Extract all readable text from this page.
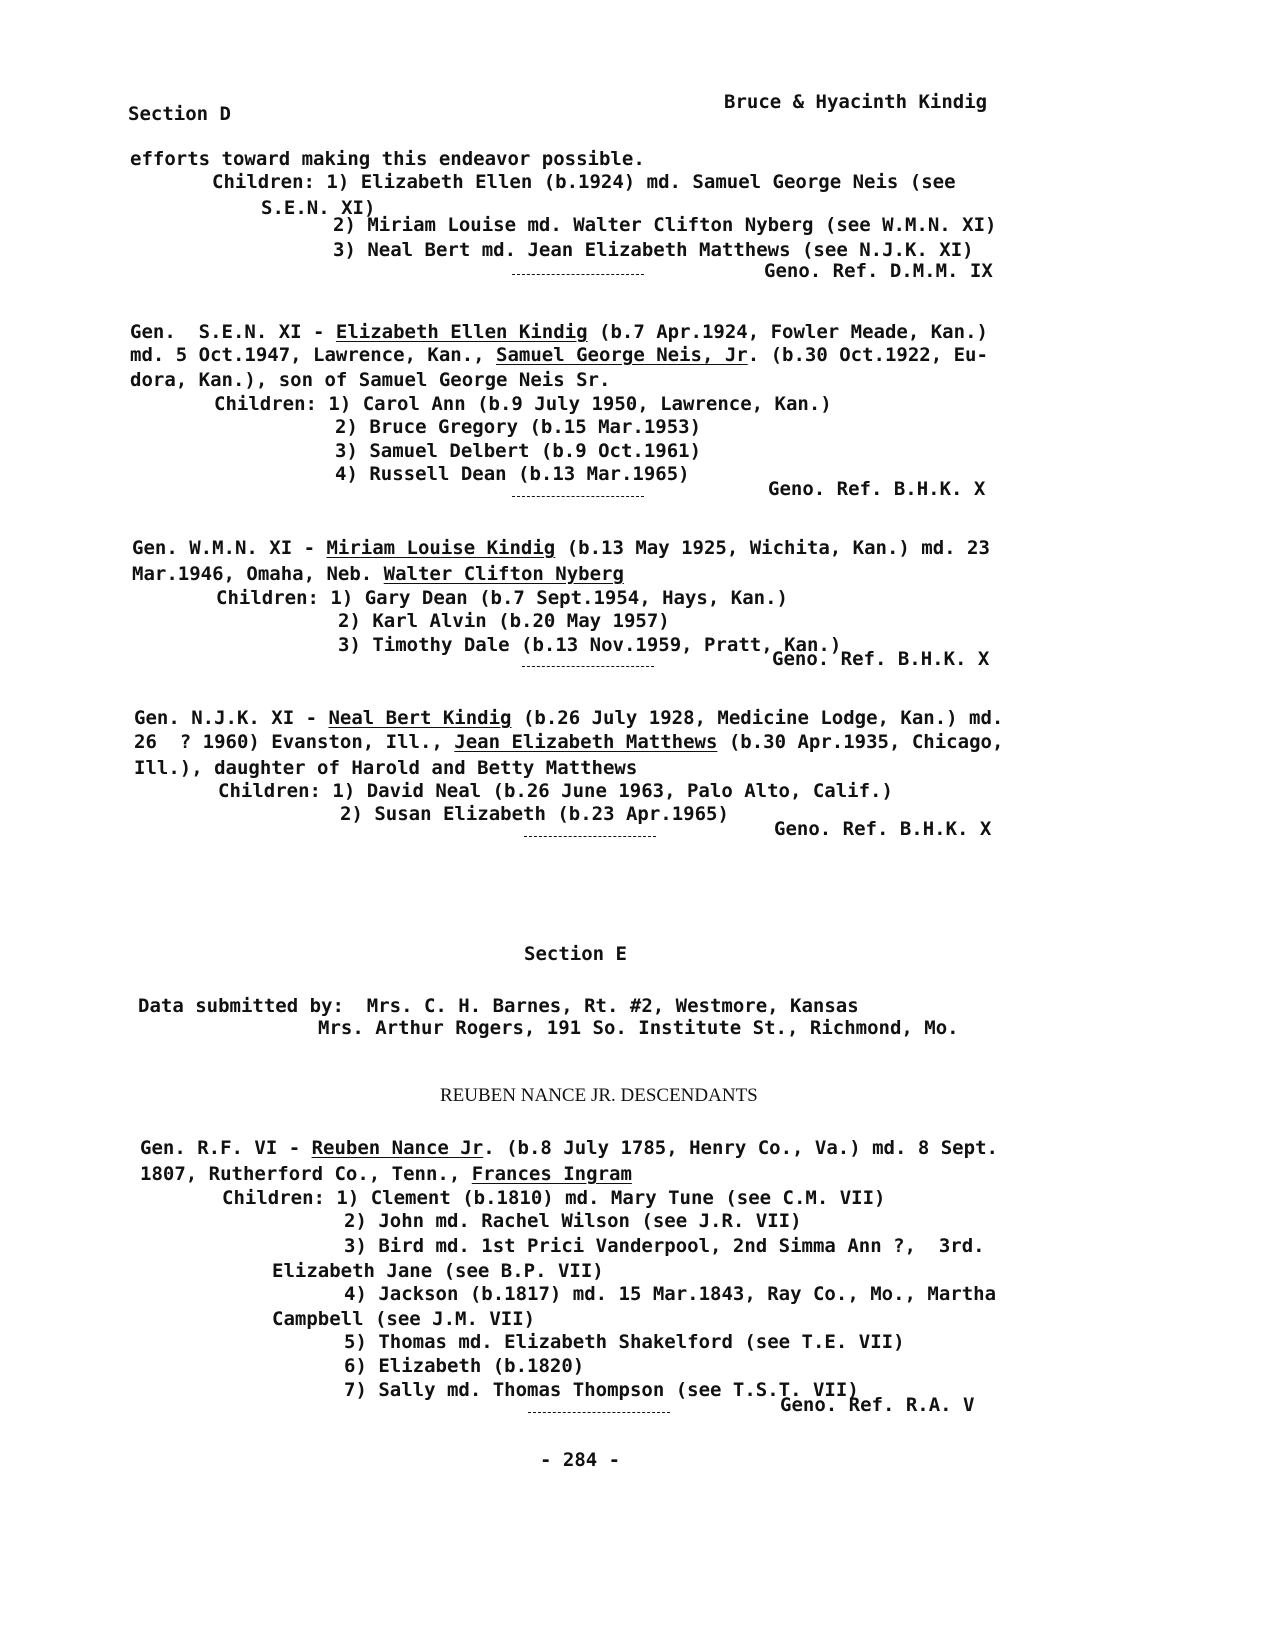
Section D
Bruce & Hyacinth Kindig
efforts toward making this endeavor possible.
Children: 1) Elizabeth Ellen (b.1924) md. Samuel George Neis (see
S.E.N. XI)
2) Miriam Louise md. Walter Clifton Nyberg (see W.M.N. XI)
3) Neal Bert md. Jean Elizabeth Matthews (see N.J.K. XI)
Geno. Ref. D.M.M. IX
Gen.  S.E.N. XI - Elizabeth Ellen Kindig (b.7 Apr.1924, Fowler Meade, Kan.)
md. 5 Oct.1947, Lawrence, Kan., Samuel George Neis, Jr. (b.30 Oct.1922, Eu-
dora, Kan.), son of Samuel George Neis Sr.
Children: 1) Carol Ann (b.9 July 1950, Lawrence, Kan.)
2) Bruce Gregory (b.15 Mar.1953)
3) Samuel Delbert (b.9 Oct.1961)
4) Russell Dean (b.13 Mar.1965)
Geno. Ref. B.H.K. X
Gen. W.M.N. XI - Miriam Louise Kindig (b.13 May 1925, Wichita, Kan.) md. 23
Mar.1946, Omaha, Neb. Walter Clifton Nyberg
Children: 1) Gary Dean (b.7 Sept.1954, Hays, Kan.)
2) Karl Alvin (b.20 May 1957)
3) Timothy Dale (b.13 Nov.1959, Pratt, Kan.)
Geno. Ref. B.H.K. X
Gen. N.J.K. XI - Neal Bert Kindig (b.26 July 1928, Medicine Lodge, Kan.) md.
26  ? 1960) Evanston, Ill., Jean Elizabeth Matthews (b.30 Apr.1935, Chicago,
Ill.), daughter of Harold and Betty Matthews
Children: 1) David Neal (b.26 June 1963, Palo Alto, Calif.)
2) Susan Elizabeth (b.23 Apr.1965)
Geno. Ref. B.H.K. X
Section E
Data submitted by:  Mrs. C. H. Barnes, Rt. #2, Westmore, Kansas
Mrs. Arthur Rogers, 191 So. Institute St., Richmond, Mo.
REUBEN NANCE JR. DESCENDANTS
Gen. R.F. VI - Reuben Nance Jr. (b.8 July 1785, Henry Co., Va.) md. 8 Sept.
1807, Rutherford Co., Tenn., Frances Ingram
Children: 1) Clement (b.1810) md. Mary Tune (see C.M. VII)
2) John md. Rachel Wilson (see J.R. VII)
3) Bird md. 1st Prici Vanderpool, 2nd Simma Ann ?,  3rd.
Elizabeth Jane (see B.P. VII)
4) Jackson (b.1817) md. 15 Mar.1843, Ray Co., Mo., Martha
Campbell (see J.M. VII)
5) Thomas md. Elizabeth Shakelford (see T.E. VII)
6) Elizabeth (b.1820)
7) Sally md. Thomas Thompson (see T.S.T. VII)
Geno. Ref. R.A. V
- 284 -
